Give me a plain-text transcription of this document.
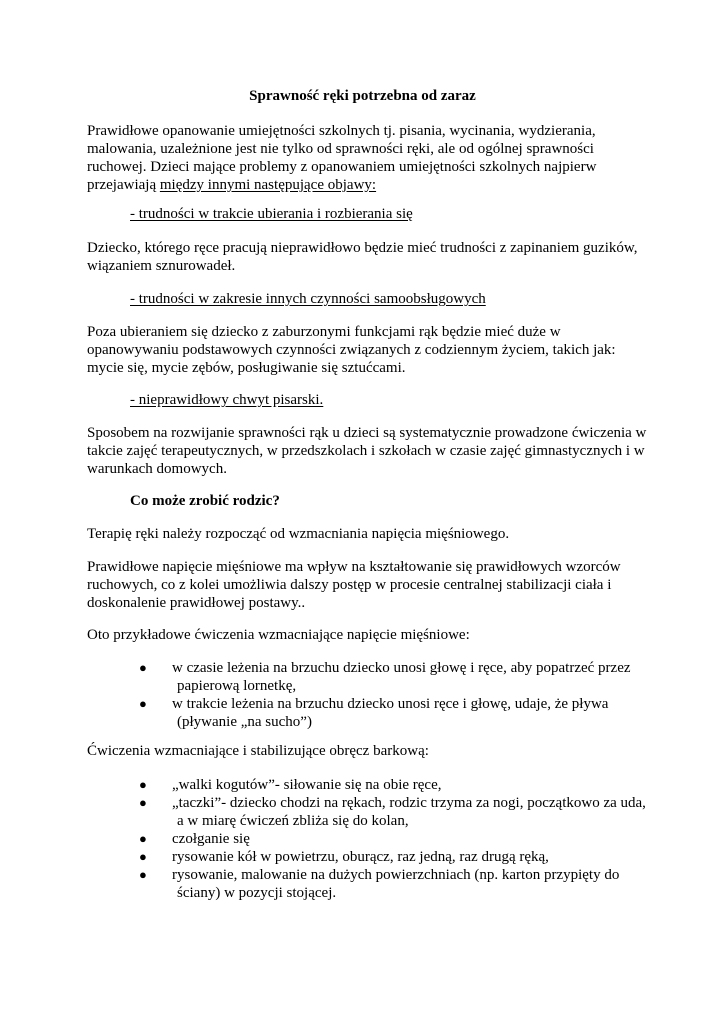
Sprawność ręki potrzebna od zaraz

Prawidłowe opanowanie umiejętności szkolnych tj. pisania, wycinania, wydzierania, malowania, uzależnione jest nie tylko od sprawności ręki, ale od ogólnej sprawności ruchowej. Dzieci mające problemy z opanowaniem umiejętności szkolnych najpierw przejawiają między innymi następujące objawy:

- trudności w trakcie ubierania i rozbierania się

Dziecko, którego ręce pracują nieprawidłowo będzie mieć trudności z zapinaniem guzików, wiązaniem sznurowadeł.

- trudności w zakresie innych czynności samoobsługowych

Poza ubieraniem się dziecko z zaburzonymi funkcjami rąk będzie mieć duże w opanowywaniu podstawowych czynności związanych z codziennym życiem, takich jak: mycie się, mycie zębów, posługiwanie się sztućcami.

- nieprawidłowy chwyt pisarski.

Sposobem na rozwijanie sprawności rąk u dzieci są systematycznie prowadzone ćwiczenia w takcie zajęć terapeutycznych, w przedszkolach i szkołach w czasie zajęć gimnastycznych i w warunkach domowych.

Co może zrobić rodzic?

Terapię ręki należy rozpocząć od wzmacniania napięcia mięśniowego.

Prawidłowe napięcie mięśniowe ma wpływ na kształtowanie się prawidłowych wzorców ruchowych, co z kolei umożliwia dalszy postęp w procesie centralnej stabilizacji ciała i doskonalenie prawidłowej postawy..

Oto przykładowe ćwiczenia wzmacniające napięcie mięśniowe:

● w czasie leżenia na brzuchu dziecko unosi głowę i ręce, aby popatrzeć przez
papierową lornetkę,
● w trakcie leżenia na brzuchu dziecko unosi ręce i głowę, udaje, że pływa
(pływanie „na sucho”)

Ćwiczenia wzmacniające i stabilizujące obręcz barkową:

● „walki kogutów”- siłowanie się na obie ręce,
● „taczki”- dziecko chodzi na rękach, rodzic trzyma za nogi, początkowo za uda,
a w miarę ćwiczeń zbliża się do kolan,
● czołganie się
● rysowanie kół w powietrzu, oburącz, raz jedną, raz drugą ręką,
● rysowanie, malowanie na dużych powierzchniach (np. karton przypięty do
ściany) w pozycji stojącej.
